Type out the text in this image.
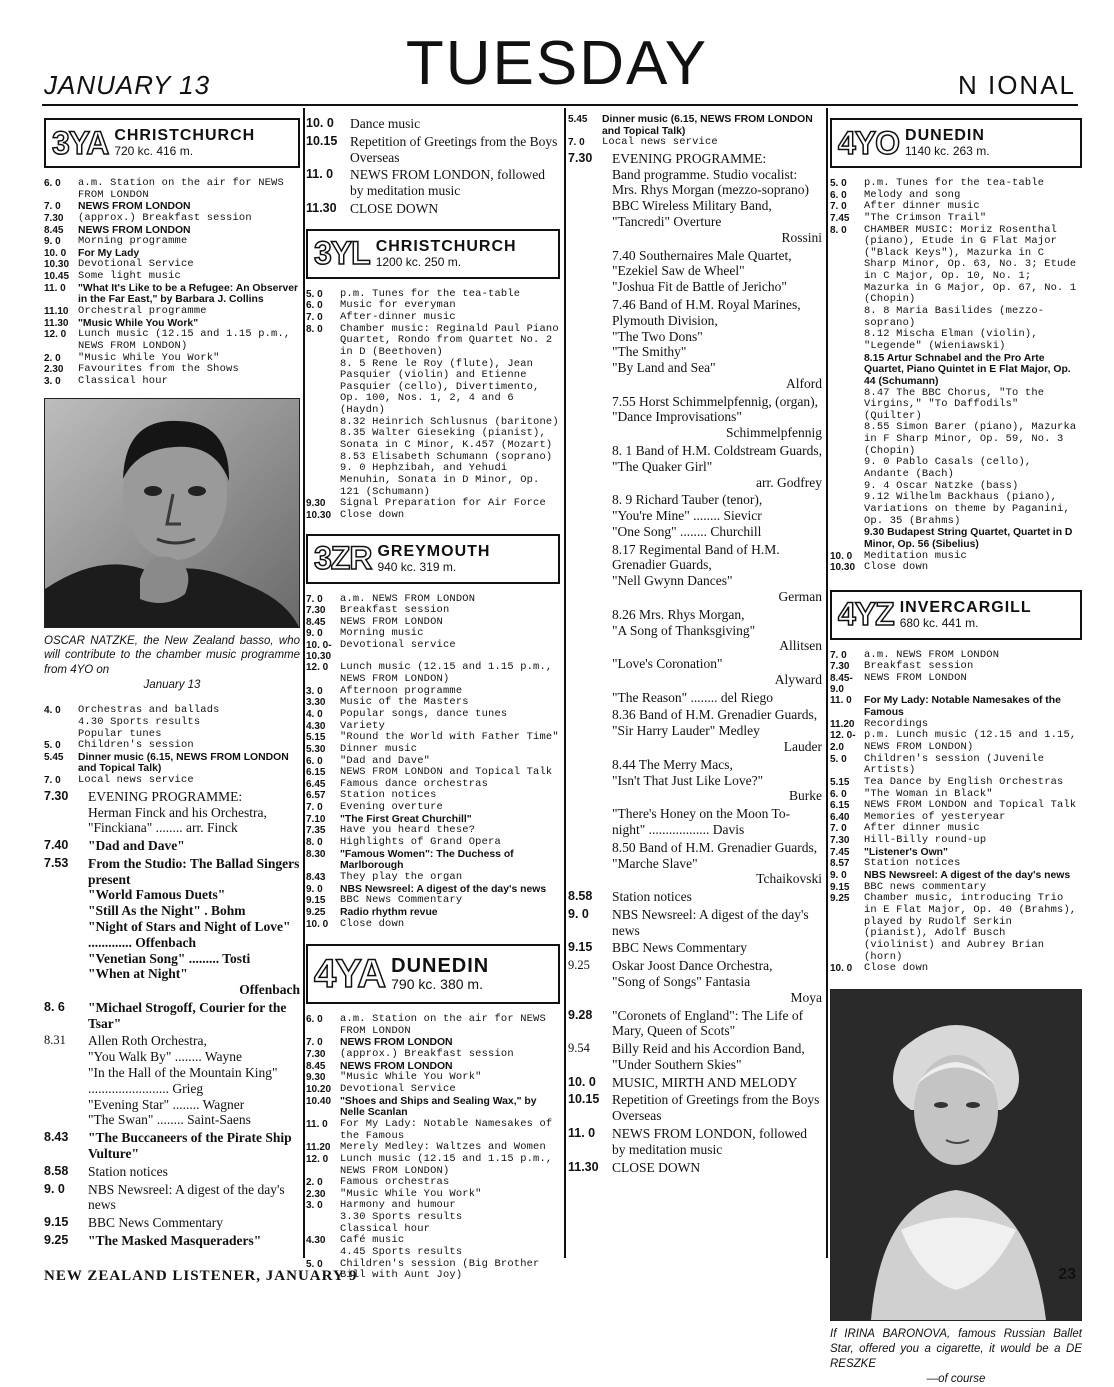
JANUARY 13	TUESDAY	N IONAL
3YA CHRISTCHURCH
720 kc. 416 m.
6. 0	a.m. Station on the air for NEWS FROM LONDON
7. 0	NEWS FROM LONDON
7.30	(approx.) Breakfast session
8.45	NEWS FROM LONDON
9. 0	Morning programme
10. 0	For My Lady
10.30 Devotional Service
10.45 Some light music
11. 0	"What It's Like to be a Refugee: An Observer in the Far East," by Barbara J. Collins
11.10 Orchestral programme
11.30 "Music While You Work"
12. 0	Lunch music (12.15 and 1.15 p.m., NEWS FROM LONDON)
2. 0	"Music While You Work"
2.30	Favourites from the Shows
3. 0	Classical hour
OSCAR NATZKE, the New Zealand basso, who will contribute to the chamber music programme from 4YO on
January 13
4. 0	Orchestras and ballads
4.30 Sports results
Popular tunes
5. 0	Children's session
5.45	Dinner music (6.15, NEWS FROM LONDON and Topical Talk)
7. 0	Local news service
7.30	EVENING PROGRAMME:
Herman Finck and his Orchestra,
"Finckiana" ........ arr. Finck
7.40	"Dad and Dave"
7.53	From the Studio: The Ballad Singers present
"World Famous Duets"
"Still As the Night" . Bohm
"Night of Stars and Night of Love" ............. Offenbach
"Venetian Song" ......... Tosti
"When at Night"
Offenbach
8. 6	"Michael Strogoff, Courier for the Tsar"
8.31	Allen Roth Orchestra,
"You Walk By" ........ Wayne
"In the Hall of the Mountain King" ........................ Grieg
"Evening Star" ........ Wagner
"The Swan" ........ Saint-Saens
8.43	"The Buccaneers of the Pirate Ship Vulture"
8.58	Station notices
9. 0	NBS Newsreel: A digest of the day's news
9.15	BBC News Commentary
9.25	"The Masked Masqueraders"
10. 0	Dance music
10.15 Repetition of Greetings from the Boys Overseas
11. 0	NEWS FROM LONDON, followed by meditation music
11.30 CLOSE DOWN
3YL CHRISTCHURCH
1200 kc. 250 m.
5. 0	p.m. Tunes for the tea-table
6. 0	Music for everyman
7. 0	After-dinner music
8. 0	Chamber music: Reginald Paul Piano Quartet, Rondo from Quartet No. 2 in D (Beethoven)
8. 5 Rene le Roy (flute), Jean Pasquier (violin) and Etienne Pasquier (cello), Divertimento, Op. 100, Nos. 1, 2, 4 and 6 (Haydn)
8.32 Heinrich Schlusnus (baritone)
8.35 Walter Gieseking (pianist), Sonata in C Minor, K.457 (Mozart)
8.53 Elisabeth Schumann (soprano)
9. 0 Hephzibah, and Yehudi Menuhin, Sonata in D Minor, Op. 121 (Schumann)
9.30	Signal Preparation for Air Force
10.30 Close down
3ZR GREYMOUTH
940 kc. 319 m.
7. 0	a.m. NEWS FROM LONDON
7.30	Breakfast session
8.45	NEWS FROM LONDON
9. 0	Morning music
10. 0-10.30
Devotional service
12. 0	Lunch music (12.15 and 1.15 p.m., NEWS FROM LONDON)
3. 0	Afternoon programme
3.30	Music of the Masters
4. 0	Popular songs, dance tunes
4.30	Variety
5.15	"Round the World with Father Time"
5.30	Dinner music
6. 0	"Dad and Dave"
6.15	NEWS FROM LONDON and Topical Talk
6.45	Famous dance orchestras
6.57	Station notices
7. 0	Evening overture
7.10	"The First Great Churchill"
7.35	Have you heard these?
8. 0	Highlights of Grand Opera
8.30	"Famous Women": The Duchess of Marlborough
8.43	They play the organ
9. 0	NBS Newsreel: A digest of the day's news
9.15	BBC News Commentary
9.25	Radio rhythm revue
10. 0	Close down
4YA DUNEDIN
790 kc. 380 m.
6. 0	a.m. Station on the air for NEWS FROM LONDON
7. 0	NEWS FROM LONDON
7.30	(approx.) Breakfast session
8.45	NEWS FROM LONDON
9.30	"Music While You Work"
10.20 Devotional Service
10.40 "Shoes and Ships and Sealing Wax," by Nelle Scanlan
11. 0	For My Lady: Notable Namesakes of the Famous
11.20 Merely Medley: Waltzes and Women
12. 0	Lunch music (12.15 and 1.15 p.m., NEWS FROM LONDON)
2. 0	Famous orchestras
2.30	"Music While You Work"
3. 0	Harmony and humour
3.30 Sports results
Classical hour
4.30	Café music
4.45 Sports results
5. 0	Children's session (Big Brother Bill with Aunt Joy)
5.45	Dinner music (6.15, NEWS FROM LONDON and Topical Talk)
7. 0	Local news service
7.30	EVENING PROGRAMME:
Band programme. Studio vocalist: Mrs. Rhys Morgan (mezzo-soprano)
BBC Wireless Military Band,
"Tancredi" Overture
Rossini
7.40 Southernaires Male Quartet,
"Ezekiel Saw de Wheel"
"Joshua Fit de Battle of Jericho"
7.46 Band of H.M. Royal Marines, Plymouth Division,
"The Two Dons"
"The Smithy"
"By Land and Sea"
Alford
7.55 Horst Schimmelpfennig, (organ),
"Dance Improvisations"
Schimmelpfennig
8. 1 Band of H.M. Coldstream Guards,
"The Quaker Girl"
arr. Godfrey
8. 9 Richard Tauber (tenor),
"You're Mine" ........ Sievicr
"One Song" ........ Churchill
8.17 Regimental Band of H.M. Grenadier Guards,
"Nell Gwynn Dances"
German
8.26 Mrs. Rhys Morgan,
"A Song of Thanksgiving"
Allitsen
"Love's Coronation"
Alyward
"The Reason" ........ del Riego
8.36 Band of H.M. Grenadier Guards,
"Sir Harry Lauder" Medley
Lauder
8.44 The Merry Macs,
"Isn't That Just Like Love?"
Burke
"There's Honey on the Moon To-night" .................. Davis
8.50 Band of H.M. Grenadier Guards,
"Marche Slave"
Tchaikovski
8.58	Station notices
9. 0	NBS Newsreel: A digest of the day's news
9.15	BBC News Commentary
9.25	Oskar Joost Dance Orchestra,
"Song of Songs" Fantasia
Moya
9.28	"Coronets of England": The Life of Mary, Queen of Scots"
9.54	Billy Reid and his Accordion Band,
"Under Southern Skies"
10. 0	MUSIC, MIRTH AND MELODY
10.15 Repetition of Greetings from the Boys Overseas
11. 0	NEWS FROM LONDON, followed by meditation music
11.30 CLOSE DOWN
4YO DUNEDIN
1140 kc. 263 m.
5. 0	p.m. Tunes for the tea-table
6. 0	Melody and song
7. 0	After dinner music
7.45	"The Crimson Trail"
8. 0	CHAMBER MUSIC: Moriz Rosenthal (piano), Etude in G Flat Major ("Black Keys"), Mazurka in C Sharp Minor, Op. 63, No. 3; Etude in C Major, Op. 10, No. 1; Mazurka in G Major, Op. 67, No. 1 (Chopin)
8. 8 Maria Basilides (mezzo-soprano)
8.12 Mischa Elman (violin), "Legende" (Wieniawski)
8.15 Artur Schnabel and the Pro Arte Quartet, Piano Quintet in E Flat Major, Op. 44 (Schumann)
8.47 The BBC Chorus, "To the Virgins," "To Daffodils" (Quilter)
8.55 Simon Barer (piano), Mazurka in F Sharp Minor, Op. 59, No. 3 (Chopin)
9. 0 Pablo Casals (cello), Andante (Bach)
9. 4 Oscar Natzke (bass)
9.12 Wilhelm Backhaus (piano), Variations on theme by Paganini, Op. 35 (Brahms)
9.30 Budapest String Quartet, Quartet in D Minor, Op. 56 (Sibelius)
10. 0	Meditation music
10.30 Close down
4YZ INVERCARGILL
680 kc. 441 m.
7. 0	a.m. NEWS FROM LONDON
7.30	Breakfast session
8.45-9.0
NEWS FROM LONDON
11. 0	For My Lady: Notable Namesakes of the Famous
11.20 Recordings
12. 0-2.0
p.m. Lunch music (12.15 and 1.15, NEWS FROM LONDON)
5. 0	Children's session (Juvenile Artists)
5.15	Tea Dance by English Orchestras
6. 0	"The Woman in Black"
6.15	NEWS FROM LONDON and Topical Talk
6.40	Memories of yesteryear
7. 0	After dinner music
7.30	Hill-Billy round-up
7.45	"Listener's Own"
8.57	Station notices
9. 0	NBS Newsreel: A digest of the day's news
9.15	BBC news commentary
9.25	Chamber music, introducing Trio in E Flat Major, Op. 40 (Brahms), played by Rudolf Serkin (pianist), Adolf Busch (violinist) and Aubrey Brian (horn)
10. 0	Close down
If IRINA BARONOVA, famous Russian Ballet Star, offered you a cigarette, it would be a DE RESZKE
—of course
NEW ZEALAND LISTENER, JANUARY 9	23
